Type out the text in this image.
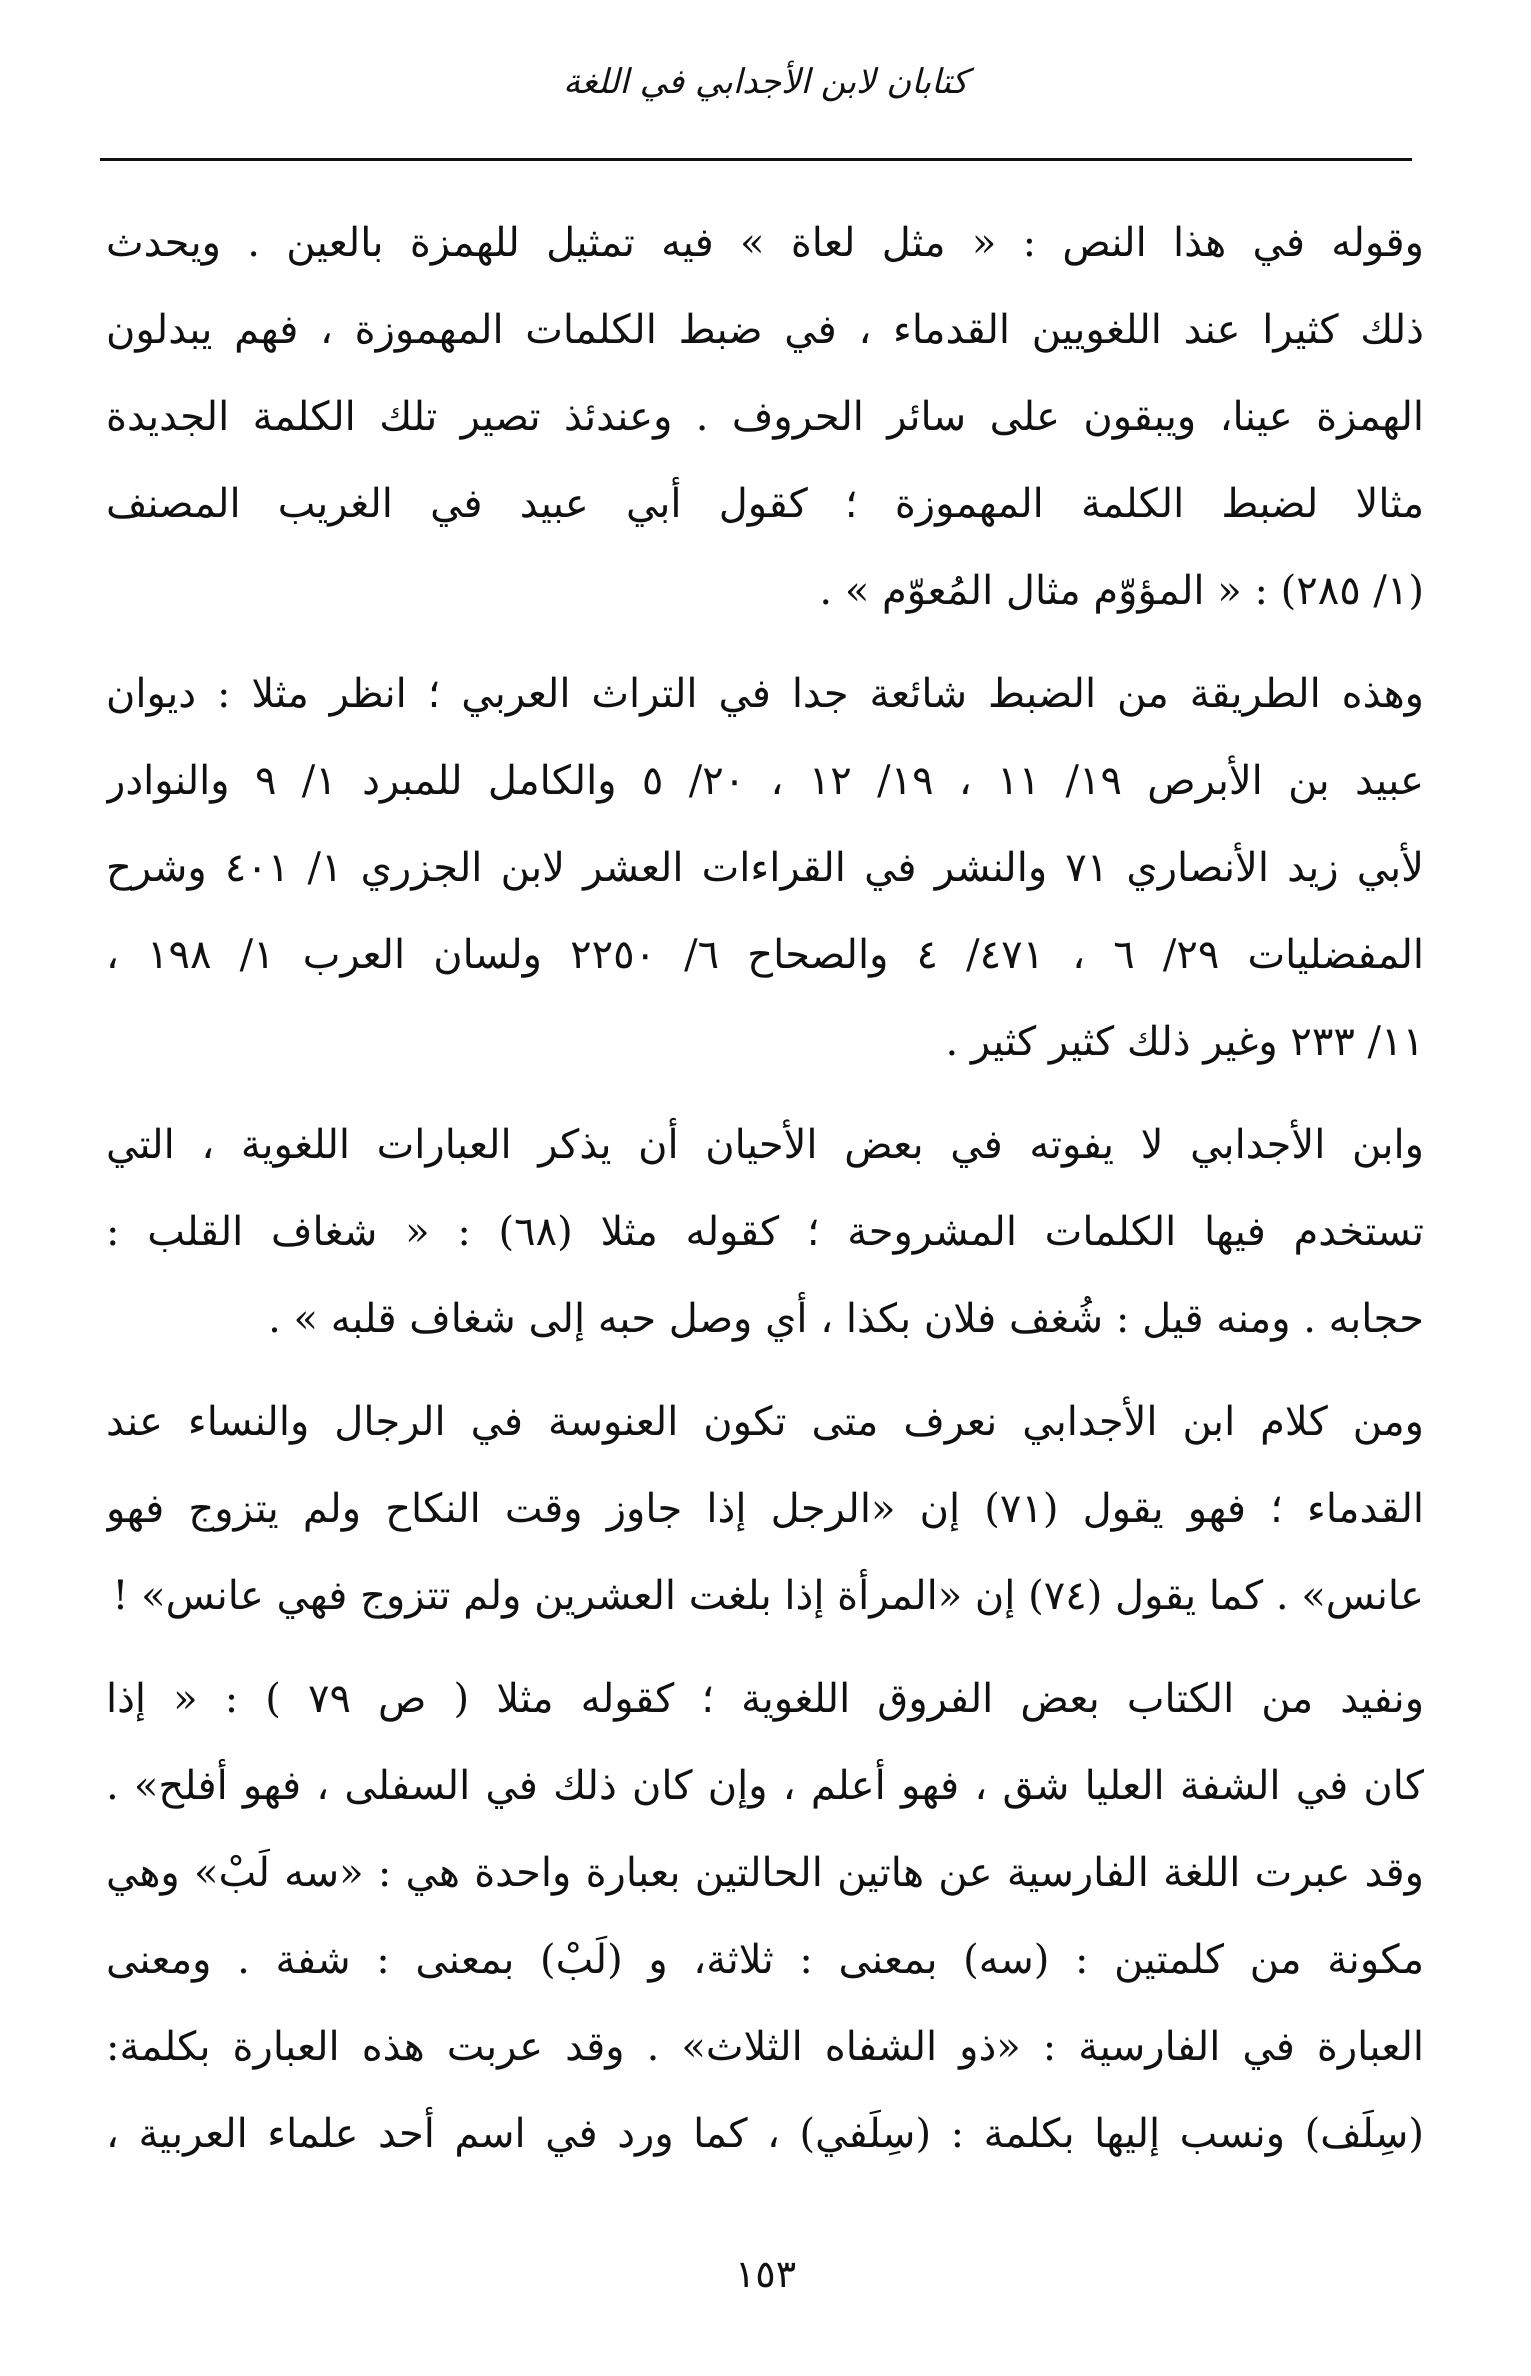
كتابان لابن الأجدابي في اللغة

وقوله في هذا النص : « مثل لعاة » فيه تمثيل للهمزة بالعين . ويحدث
ذلك كثيرا عند اللغويين القدماء ، في ضبط الكلمات المهموزة ، فهم يبدلون
الهمزة عينا، ويبقون على سائر الحروف . وعندئذ تصير تلك الكلمة الجديدة
مثالا لضبط الكلمة المهموزة ؛ كقول أبي عبيد في الغريب المصنف
(١/ ٢٨٥) : « المؤوّم مثال المُعوّم » .

وهذه الطريقة من الضبط شائعة جدا في التراث العربي ؛ انظر مثلا : ديوان
عبيد بن الأبرص ١٩/ ١١ ، ١٩/ ١٢ ، ٢٠/ ٥ والكامل للمبرد ١/ ٩ والنوادر
لأبي زيد الأنصاري ٧١ والنشر في القراءات العشر لابن الجزري ١/ ٤٠١ وشرح
المفضليات ٢٩/ ٦ ، ٤٧١/ ٤ والصحاح ٦/ ٢٢٥٠ ولسان العرب ١/ ١٩٨ ،
١١/ ٢٣٣ وغير ذلك كثير كثير .

وابن الأجدابي لا يفوته في بعض الأحيان أن يذكر العبارات اللغوية ، التي
تستخدم فيها الكلمات المشروحة ؛ كقوله مثلا (٦٨) : « شغاف القلب :
حجابه . ومنه قيل : شُغف فلان بكذا ، أي وصل حبه إلى شغاف قلبه » .

ومن كلام ابن الأجدابي نعرف متى تكون العنوسة في الرجال والنساء عند
القدماء ؛ فهو يقول (٧١) إن «الرجل إذا جاوز وقت النكاح ولم يتزوج فهو
عانس» . كما يقول (٧٤) إن «المرأة إذا بلغت العشرين ولم تتزوج فهي عانس» !

ونفيد من الكتاب بعض الفروق اللغوية ؛ كقوله مثلا ( ص ٧٩ ) : « إذا
كان في الشفة العليا شق ، فهو أعلم ، وإن كان ذلك في السفلى ، فهو أفلح» .
وقد عبرت اللغة الفارسية عن هاتين الحالتين بعبارة واحدة هي : «سه لَبْ» وهي
مكونة من كلمتين : (سه) بمعنى : ثلاثة، و (لَبْ) بمعنى : شفة . ومعنى
العبارة في الفارسية : «ذو الشفاه الثلاث» . وقد عربت هذه العبارة بكلمة:
(سِلَف) ونسب إليها بكلمة : (سِلَفي) ، كما ورد في اسم أحد علماء العربية ،

١٥٣
